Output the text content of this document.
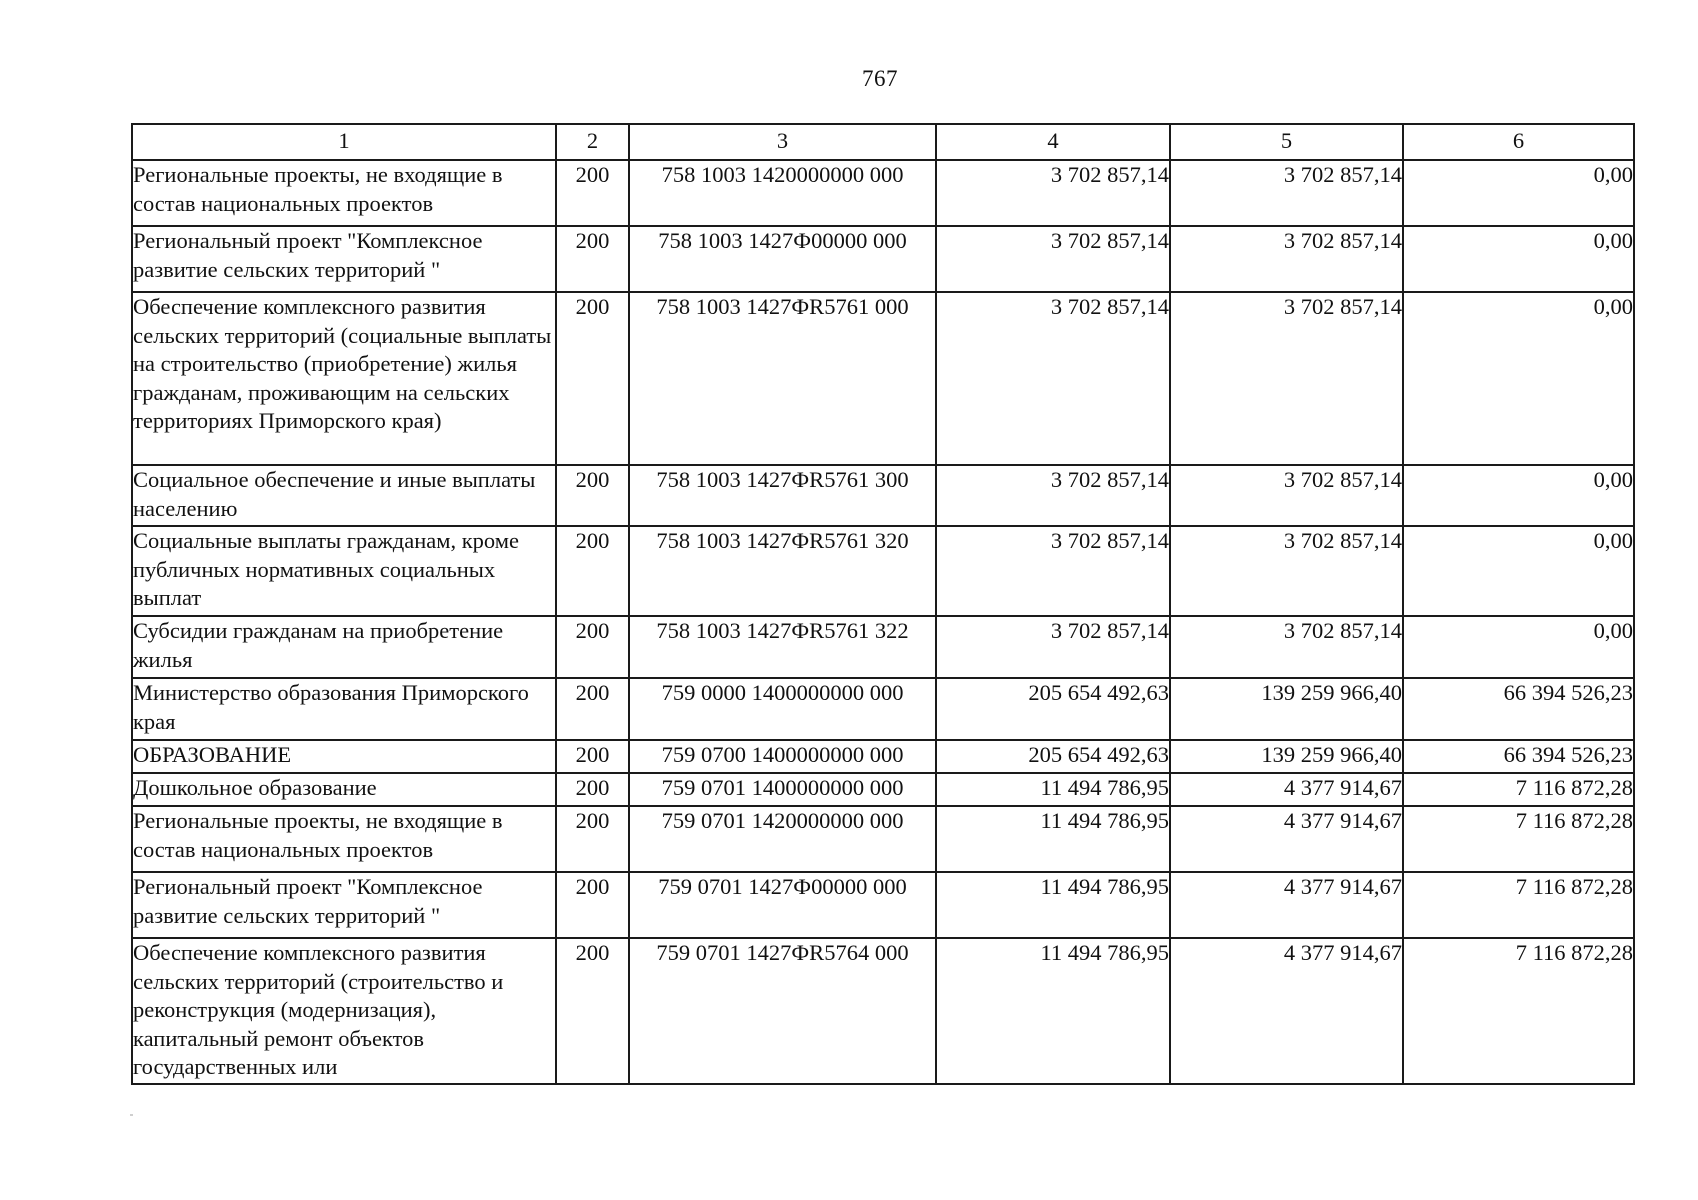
767
1	2	3	4	5	6
Региональные проекты, не входящие в состав национальных проектов	200	758 1003 1420000000 000	3 702 857,14	3 702 857,14	0,00
Региональный проект "Комплексное развитие сельских территорий "	200	758 1003 1427Ф00000 000	3 702 857,14	3 702 857,14	0,00
Обеспечение комплексного развития сельских территорий (социальные выплаты на строительство (приобретение) жилья гражданам, проживающим на сельских территориях Приморского края)	200	758 1003 1427ФR5761 000	3 702 857,14	3 702 857,14	0,00
Социальное обеспечение и иные выплаты населению	200	758 1003 1427ФR5761 300	3 702 857,14	3 702 857,14	0,00
Социальные выплаты гражданам, кроме публичных нормативных социальных выплат	200	758 1003 1427ФR5761 320	3 702 857,14	3 702 857,14	0,00
Субсидии гражданам на приобретение жилья	200	758 1003 1427ФR5761 322	3 702 857,14	3 702 857,14	0,00
Министерство образования Приморского края	200	759 0000 1400000000 000	205 654 492,63	139 259 966,40	66 394 526,23
ОБРАЗОВАНИЕ	200	759 0700 1400000000 000	205 654 492,63	139 259 966,40	66 394 526,23
Дошкольное образование	200	759 0701 1400000000 000	11 494 786,95	4 377 914,67	7 116 872,28
Региональные проекты, не входящие в состав национальных проектов	200	759 0701 1420000000 000	11 494 786,95	4 377 914,67	7 116 872,28
Региональный проект "Комплексное развитие сельских территорий "	200	759 0701 1427Ф00000 000	11 494 786,95	4 377 914,67	7 116 872,28
Обеспечение комплексного развития сельских территорий (строительство и реконструкция (модернизация), капитальный ремонт объектов государственных или	200	759 0701 1427ФR5764 000	11 494 786,95	4 377 914,67	7 116 872,28
